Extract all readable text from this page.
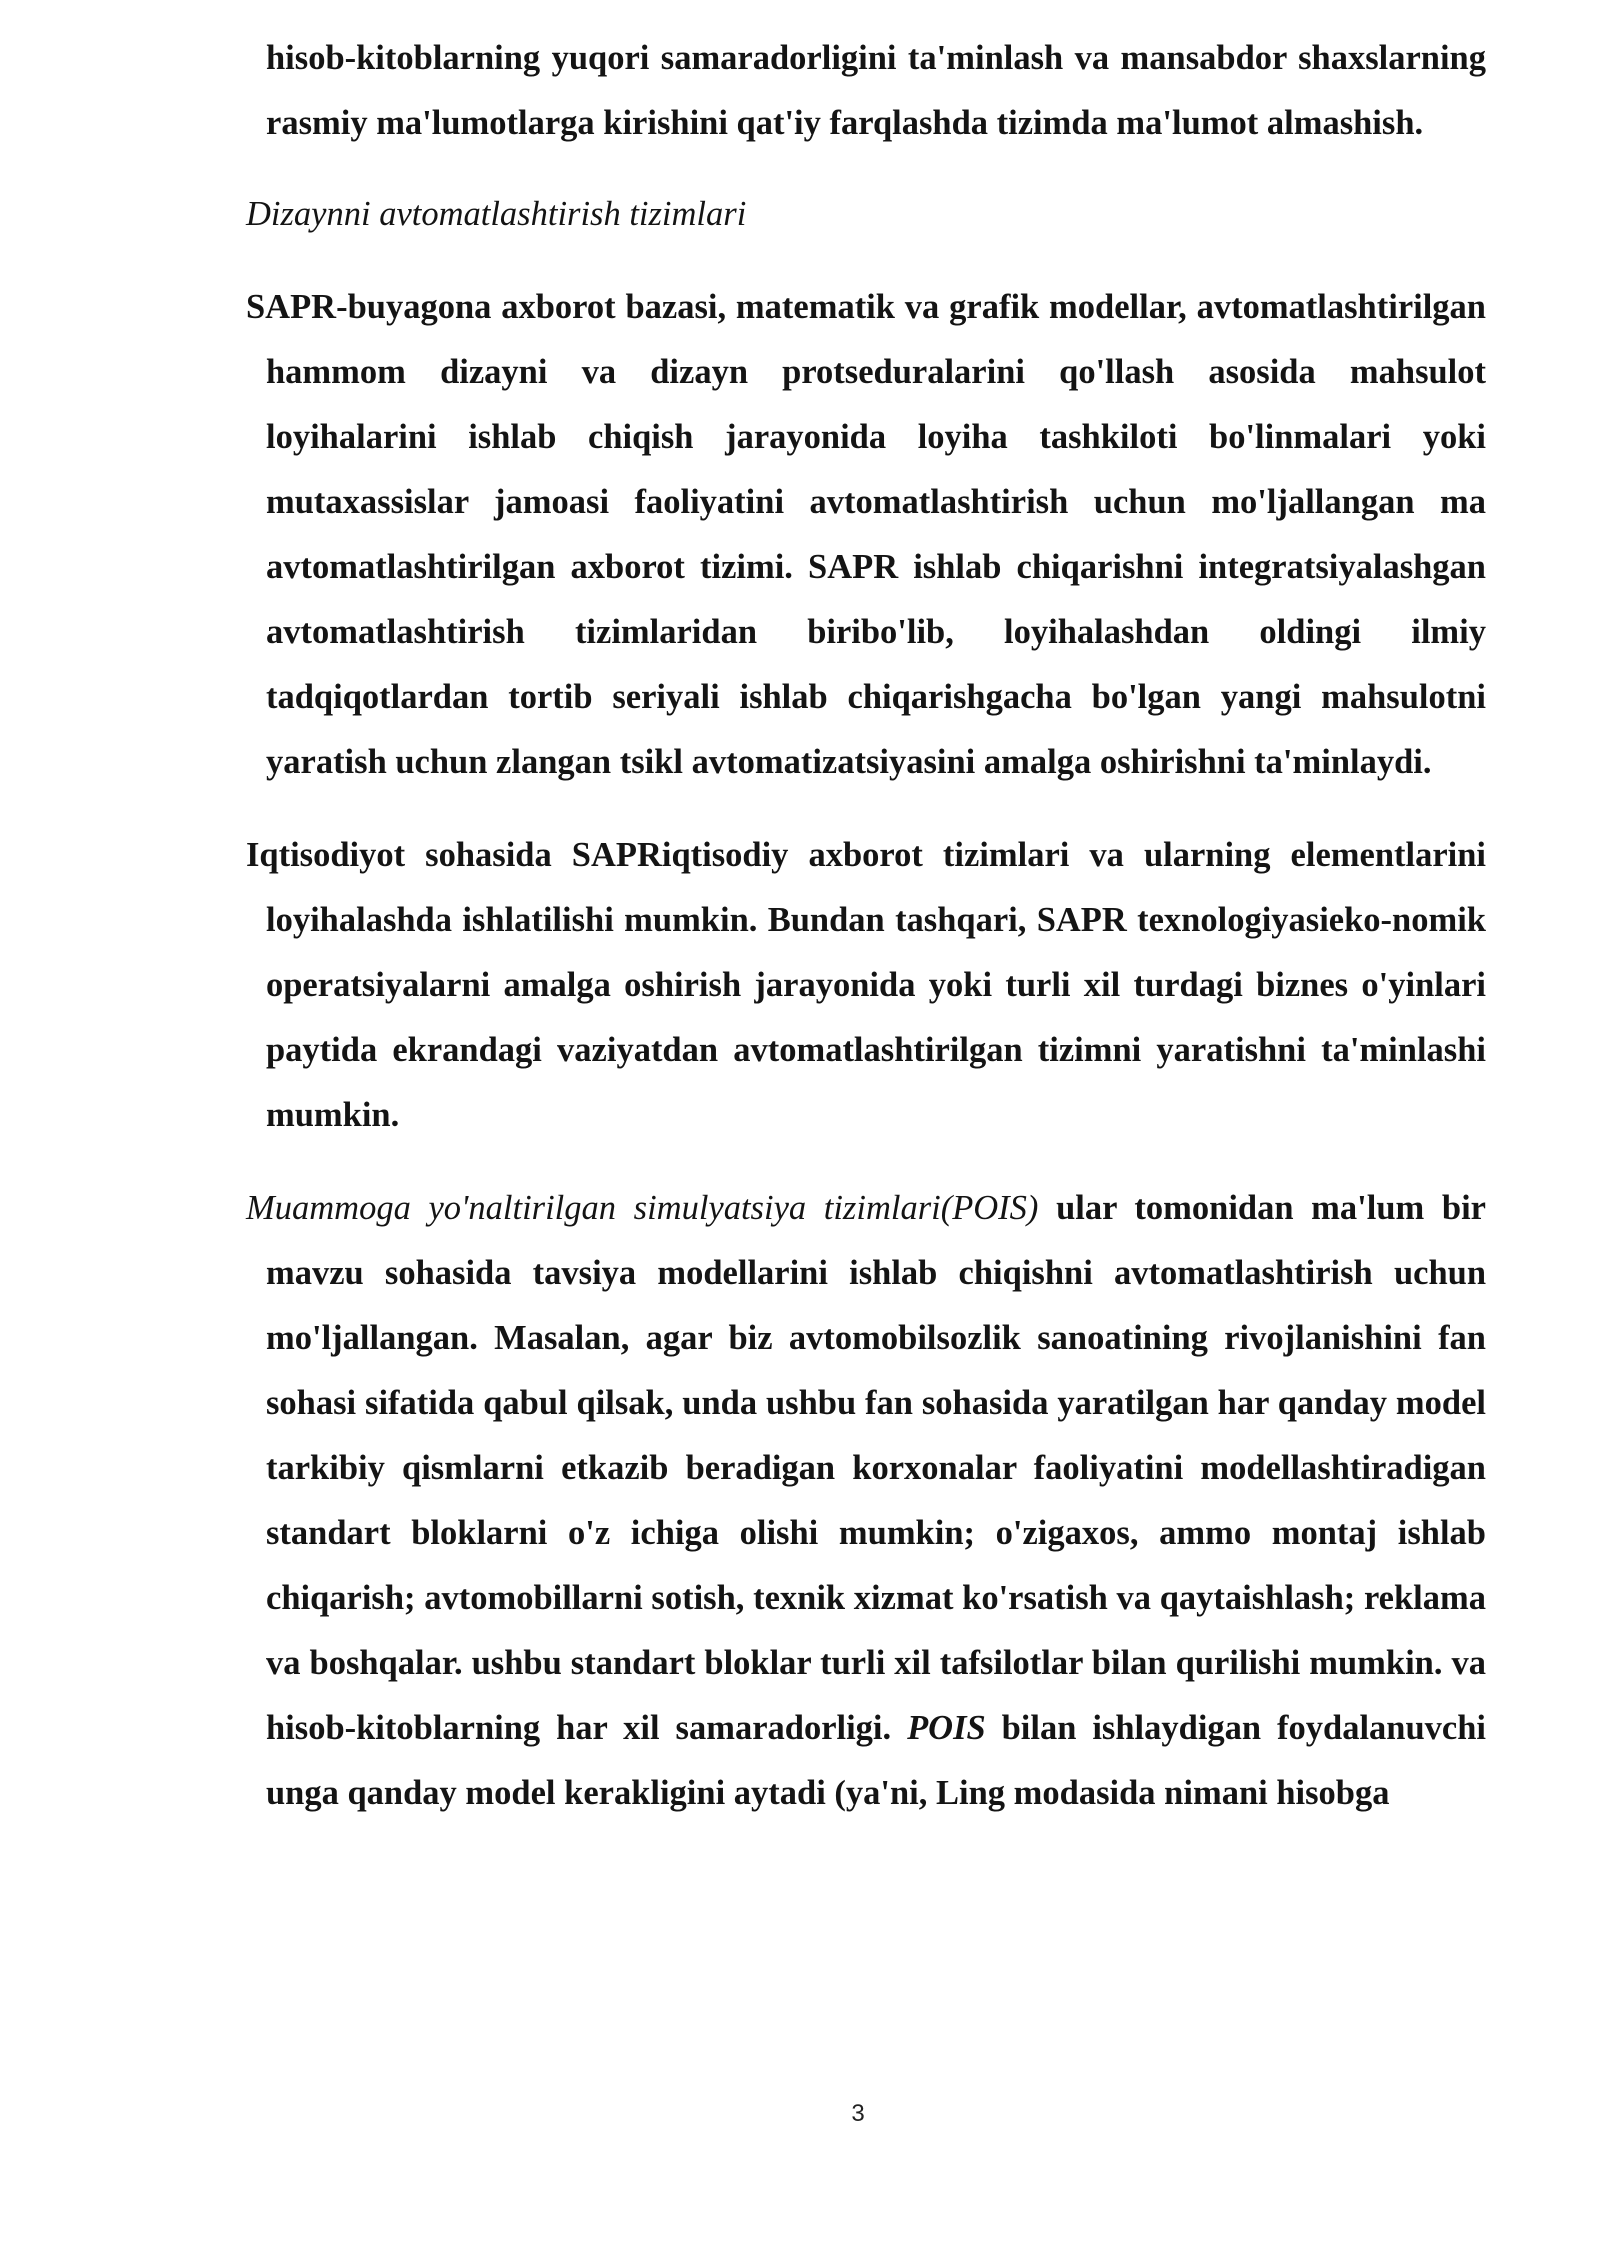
hisob-kitoblarning yuqori samaradorligini ta'minlash va mansabdor shaxslarning rasmiy ma'lumotlarga kirishini qat'iy farqlashda tizimda ma'lumot almashish.

Dizaynni avtomatlashtirish tizimlari

SAPR-buyagona axborot bazasi, matematik va grafik modellar, avtomatlashtirilgan hammom dizayni va dizayn protseduralarini qo'llash asosida mahsulot loyihalarini ishlab chiqish jarayonida loyiha tashkiloti bo'linmalari yoki mutaxassislar jamoasi faoliyatini avtomatlashtirish uchun mo'ljallangan ma avtomatlashtirilgan axborot tizimi. SAPR ishlab chiqarishni integratsiyalashgan avtomatlashtirish tizimlaridan biribo'lib, loyihalashdan oldingi ilmiy tadqiqotlardan tortib seriyali ishlab chiqarishgacha bo'lgan yangi mahsulotni yaratish uchun zlangan tsikl avtomatizatsiyasini amalga oshirishni ta'minlaydi.

Iqtisodiyot sohasida SAPRiqtisodiy axborot tizimlari va ularning elementlarini loyihalashda ishlatilishi mumkin. Bundan tashqari, SAPR texnologiyasieko-nomik operatsiyalarni amalga oshirish jarayonida yoki turli xil turdagi biznes o'yinlari paytida ekrandagi vaziyatdan avtomatlashtirilgan tizimni yaratishni ta'minlashi mumkin.

Muammoga yo'naltirilgan simulyatsiya tizimlari(POIS) ular tomonidan ma'lum bir mavzu sohasida tavsiya modellarini ishlab chiqishni avtomatlashtirish uchun mo'ljallangan. Masalan, agar biz avtomobilsozlik sanoatining rivojlanishini fan sohasi sifatida qabul qilsak, unda ushbu fan sohasida yaratilgan har qanday model tarkibiy qismlarni etkazib beradigan korxonalar faoliyatini modellashtiradigan standart bloklarni o'z ichiga olishi mumkin; o'zigaxos, ammo montaj ishlab chiqarish; avtomobillarni sotish, texnik xizmat ko'rsatish va qaytaishlash; reklama va boshqalar. ushbu standart bloklar turli xil tafsilotlar bilan qurilishi mumkin. va hisob-kitoblarning har xil samaradorligi. POIS bilan ishlaydigan foydalanuvchi unga qanday model kerakligini aytadi (ya'ni, Ling modasida nimani hisobga

3
